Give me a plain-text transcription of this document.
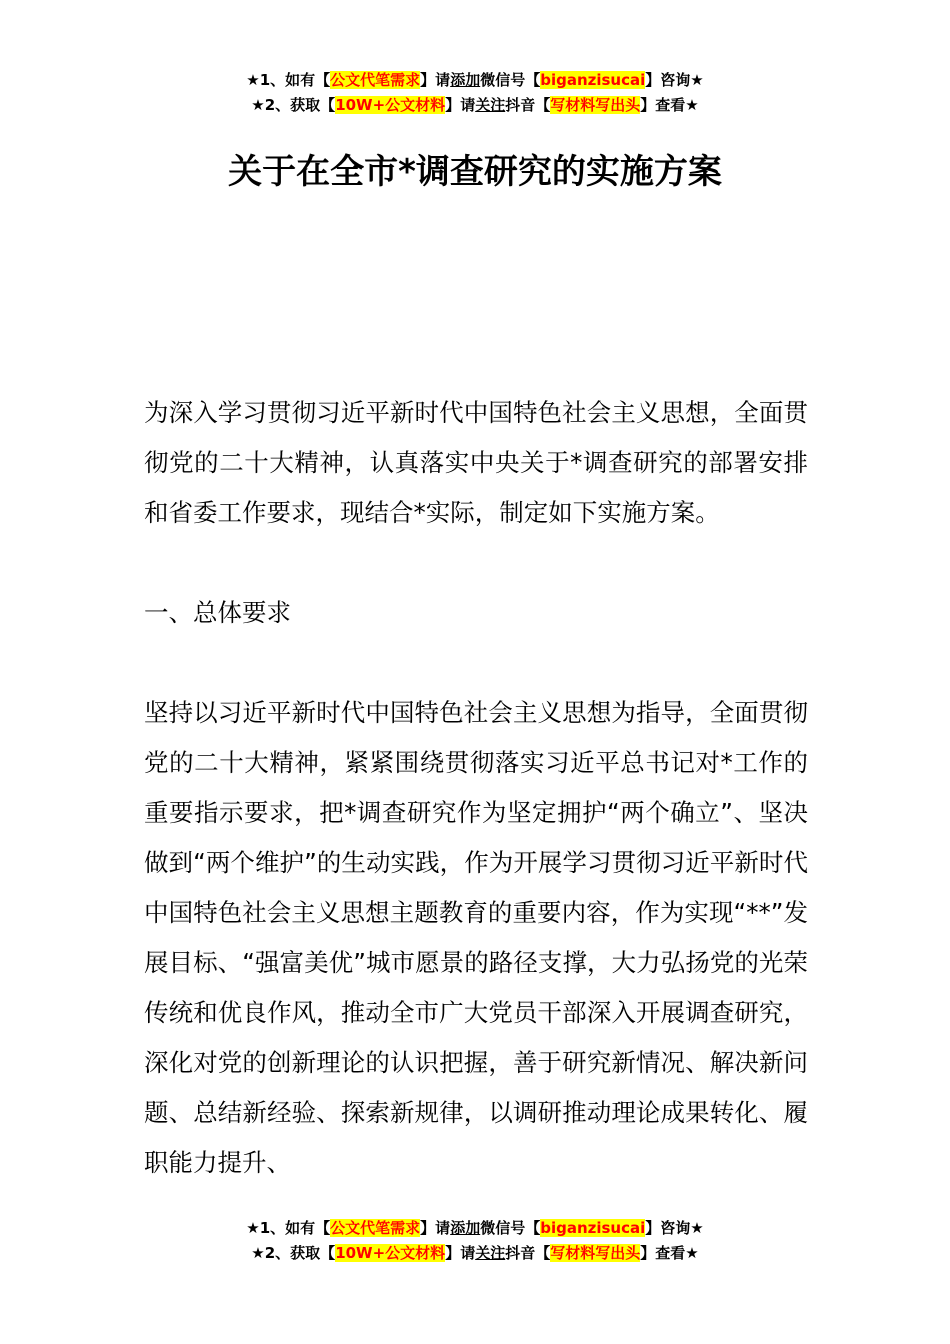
★1、如有【公文代笔需求】请添加微信号【biganzisucai】咨询★
★2、获取【10W+公文材料】请关注抖音【写材料写出头】查看★
关于在全市*调查研究的实施方案

为深入学习贯彻习近平新时代中国特色社会主义思想，全面贯彻党的二十大精神，认真落实中央关于*调查研究的部署安排和省委工作要求，现结合*实际，制定如下实施方案。

一、总体要求

坚持以习近平新时代中国特色社会主义思想为指导，全面贯彻党的二十大精神，紧紧围绕贯彻落实习近平总书记对*工作的重要指示要求，把*调查研究作为坚定拥护“两个确立”、坚决做到“两个维护”的生动实践，作为开展学习贯彻习近平新时代中国特色社会主义思想主题教育的重要内容，作为实现“**”发展目标、“强富美优”城市愿景的路径支撑，大力弘扬党的光荣传统和优良作风，推动全市广大党员干部深入开展调查研究，深化对党的创新理论的认识把握，善于研究新情况、解决新问题、总结新经验、探索新规律，以调研推动理论成果转化、履职能力提升、

★1、如有【公文代笔需求】请添加微信号【biganzisucai】咨询★
★2、获取【10W+公文材料】请关注抖音【写材料写出头】查看★
